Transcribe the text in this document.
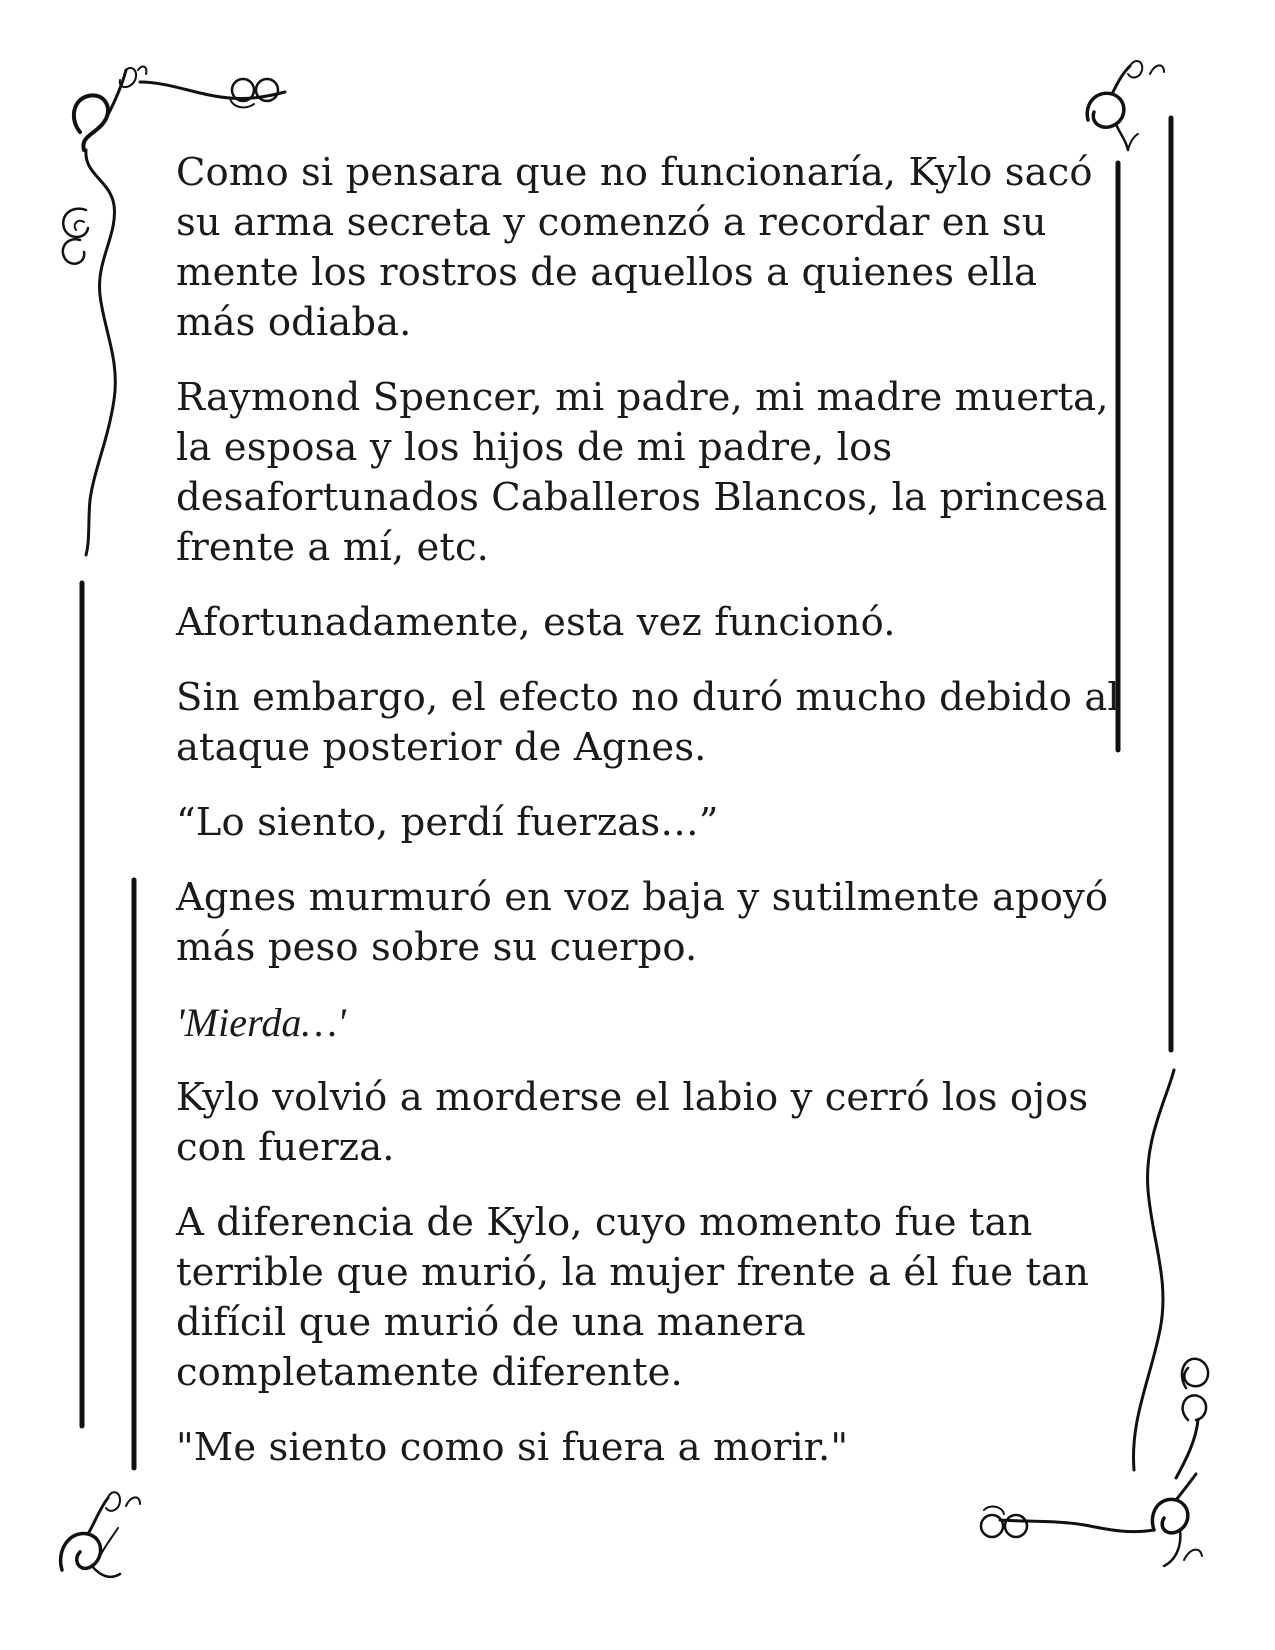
Como si pensara que no funcionaría, Kylo sacó
su arma secreta y comenzó a recordar en su
mente los rostros de aquellos a quienes ella
más odiaba.

Raymond Spencer, mi padre, mi madre muerta,
la esposa y los hijos de mi padre, los
desafortunados Caballeros Blancos, la princesa
frente a mí, etc.

Afortunadamente, esta vez funcionó.

Sin embargo, el efecto no duró mucho debido al
ataque posterior de Agnes.

“Lo siento, perdí fuerzas…”

Agnes murmuró en voz baja y sutilmente apoyó
más peso sobre su cuerpo.

'Mierda…'

Kylo volvió a morderse el labio y cerró los ojos
con fuerza.

A diferencia de Kylo, cuyo momento fue tan
terrible que murió, la mujer frente a él fue tan
difícil que murió de una manera
completamente diferente.

"Me siento como si fuera a morir."
